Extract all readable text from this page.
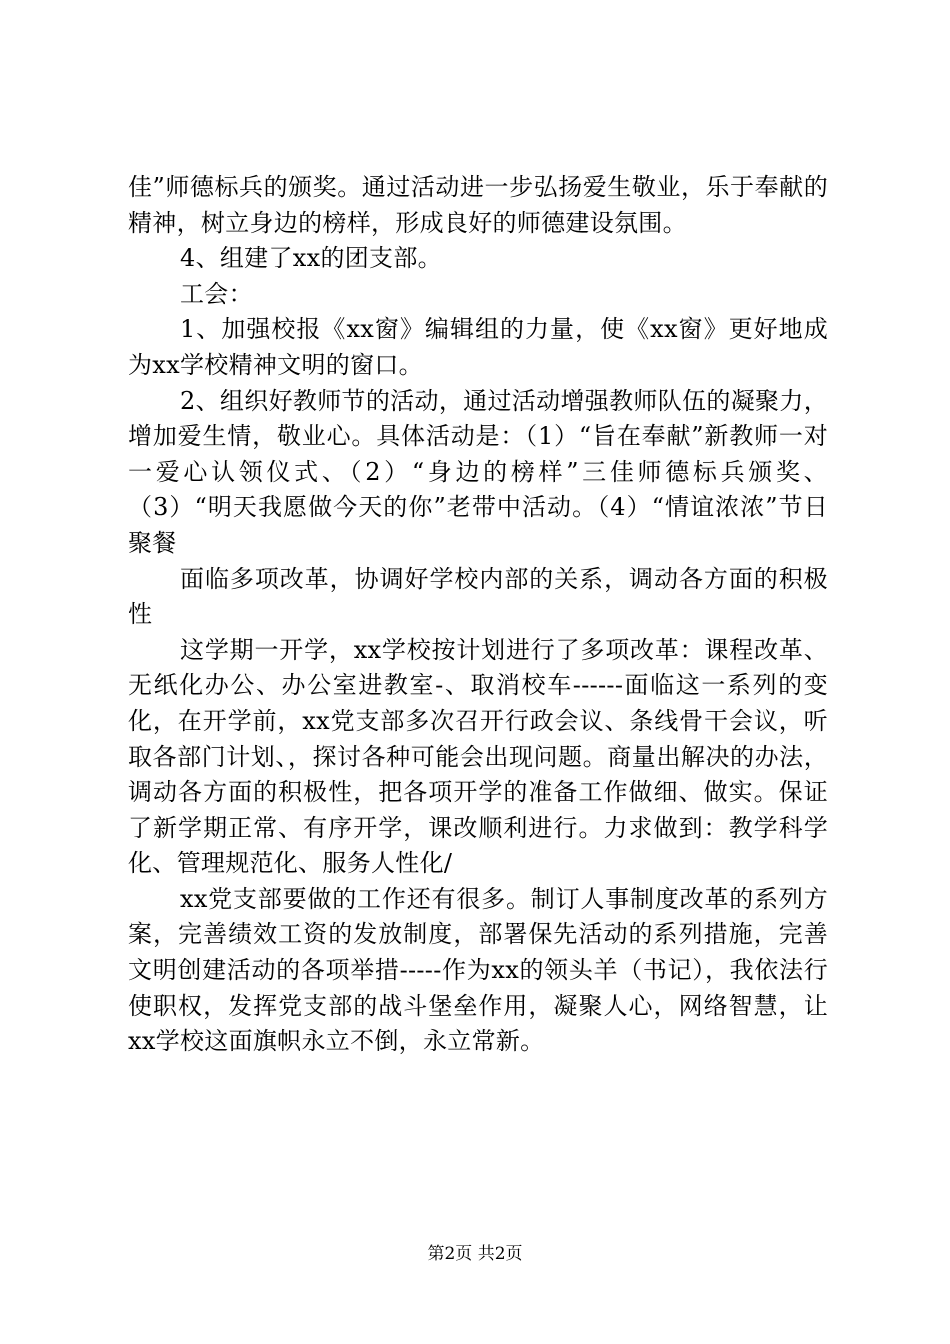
佳”师德标兵的颁奖。通过活动进一步弘扬爱生敬业，乐于奉献的精神，树立身边的榜样，形成良好的师德建设氛围。

4、组建了xx的团支部。

工会：

1、加强校报《xx窗》编辑组的力量，使《xx窗》更好地成为xx学校精神文明的窗口。

2、组织好教师节的活动，通过活动增强教师队伍的凝聚力，增加爱生情，敬业心。具体活动是：（1）“旨在奉献”新教师一对一爱心认领仪式、（2）“身边的榜样”三佳师德标兵颁奖、（3）“明天我愿做今天的你”老带中活动。（4）“情谊浓浓”节日聚餐

面临多项改革，协调好学校内部的关系，调动各方面的积极性

这学期一开学，xx学校按计划进行了多项改革：课程改革、无纸化办公、办公室进教室-、取消校车------面临这一系列的变化，在开学前，xx党支部多次召开行政会议、条线骨干会议，听取各部门计划、，探讨各种可能会出现问题。商量出解决的办法，调动各方面的积极性，把各项开学的准备工作做细、做实。保证了新学期正常、有序开学，课改顺利进行。力求做到：教学科学化、管理规范化、服务人性化/

xx党支部要做的工作还有很多。制订人事制度改革的系列方案，完善绩效工资的发放制度，部署保先活动的系列措施，完善文明创建活动的各项举措-----作为xx的领头羊（书记），我依法行使职权，发挥党支部的战斗堡垒作用，凝聚人心，网络智慧，让xx学校这面旗帜永立不倒，永立常新。

第2页 共2页
